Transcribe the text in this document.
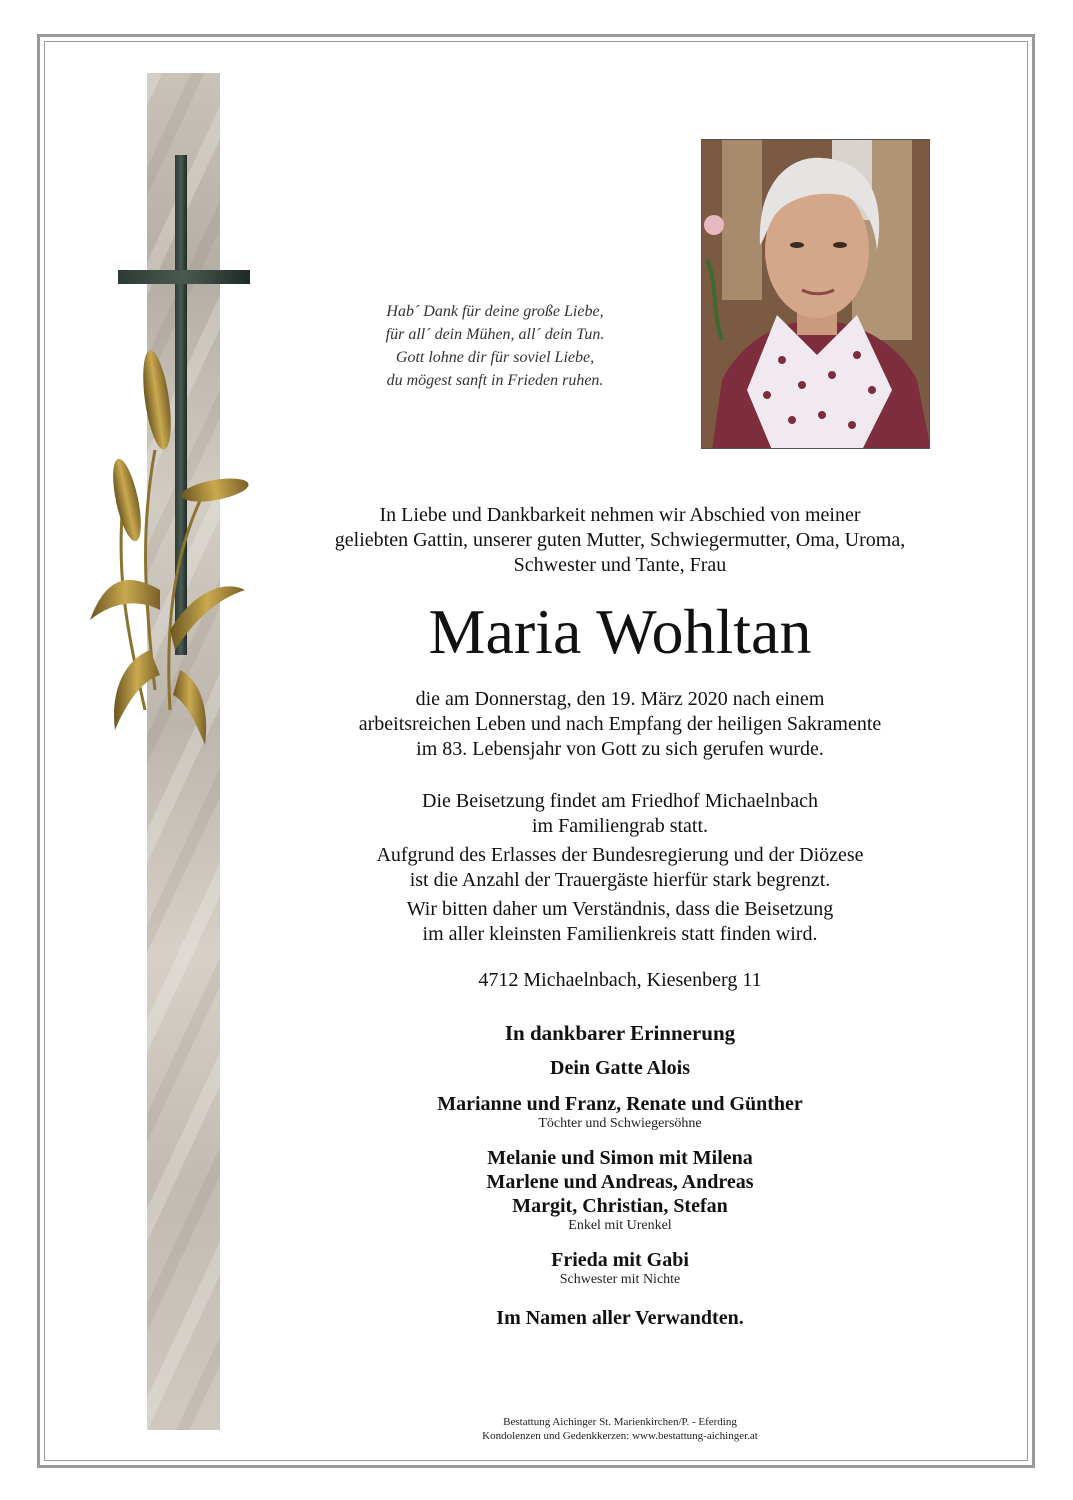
Hab´ Dank für deine große Liebe,
für all´ dein Mühen, all´ dein Tun.
Gott lohne dir für soviel Liebe,
du mögest sanft in Frieden ruhen.
In Liebe und Dankbarkeit nehmen wir Abschied von meiner
geliebten Gattin, unserer guten Mutter, Schwiegermutter, Oma, Uroma,
Schwester und Tante, Frau
Maria Wohltan
die am Donnerstag, den 19. März 2020 nach einem
arbeitsreichen Leben und nach Empfang der heiligen Sakramente
im 83. Lebensjahr von Gott zu sich gerufen wurde.
Die Beisetzung findet am Friedhof Michaelnbach
im Familiengrab statt.
Aufgrund des Erlasses der Bundesregierung und der Diözese
ist die Anzahl der Trauergäste hierfür stark begrenzt.
Wir bitten daher um Verständnis, dass die Beisetzung
im aller kleinsten Familienkreis statt finden wird.
4712 Michaelnbach, Kiesenberg 11
In dankbarer Erinnerung
Dein Gatte Alois
Marianne und Franz, Renate und Günther
Töchter und Schwiegersöhne
Melanie und Simon mit Milena
Marlene und Andreas, Andreas
Margit, Christian, Stefan
Enkel mit Urenkel
Frieda mit Gabi
Schwester mit Nichte
Im Namen aller Verwandten.
Bestattung Aichinger St. Marienkirchen/P. - Eferding
Kondolenzen und Gedenkkerzen: www.bestattung-aichinger.at
